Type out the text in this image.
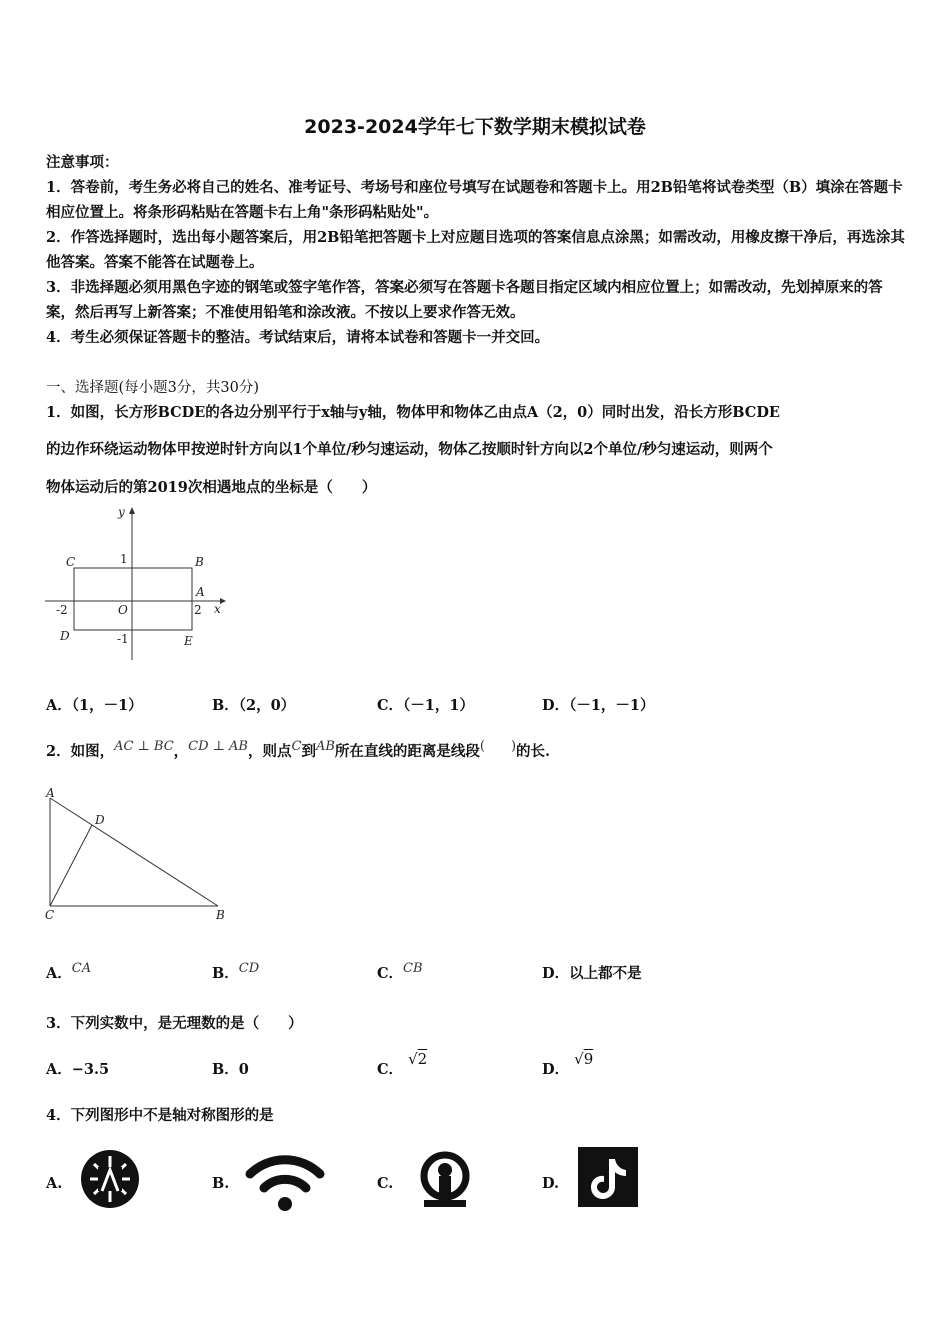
2023-2024学年七下数学期末模拟试卷
注意事项：
1．答卷前，考生务必将自己的姓名、准考证号、考场号和座位号填写在试题卷和答题卡上。用2B铅笔将试卷类型（B）填涂在答题卡相应位置上。将条形码粘贴在答题卡右上角"条形码粘贴处"。
2．作答选择题时，选出每小题答案后，用2B铅笔把答题卡上对应题目选项的答案信息点涂黑；如需改动，用橡皮擦干净后，再选涂其他答案。答案不能答在试题卷上。
3．非选择题必须用黑色字迹的钢笔或签字笔作答，答案必须写在答题卡各题目指定区域内相应位置上；如需改动，先划掉原来的答案，然后再写上新答案；不准使用铅笔和涂改液。不按以上要求作答无效。
4．考生必须保证答题卡的整洁。考试结束后，请将本试卷和答题卡一并交回。
一、选择题(每小题3分，共30分)
1．如图，长方形BCDE的各边分别平行于x轴与y轴，物体甲和物体乙由点A（2，0）同时出发，沿长方形BCDE
的边作环绕运动物体甲按逆时针方向以1个单位/秒匀速运动，物体乙按顺时针方向以2个单位/秒匀速运动，则两个
物体运动后的第2019次相遇地点的坐标是（　　）
y
x
C	B
A
D	E
O
1
-1
-2	2
A．（1，－1）	B．（2，0）	C．（－1，1）	D．（－1，－1）
2．如图，AC ⊥ BC，CD ⊥ AB，则点C到AB所在直线的距离是线段(　　)的长.
A
D
C	B
A．CA	B．CD	C．CB	D．以上都不是
3．下列实数中，是无理数的是（　　）
A．−3.5	B．0	C． √2
D． √9
4．下列图形中不是轴对称图形的是
A.	B.	C.	D.
